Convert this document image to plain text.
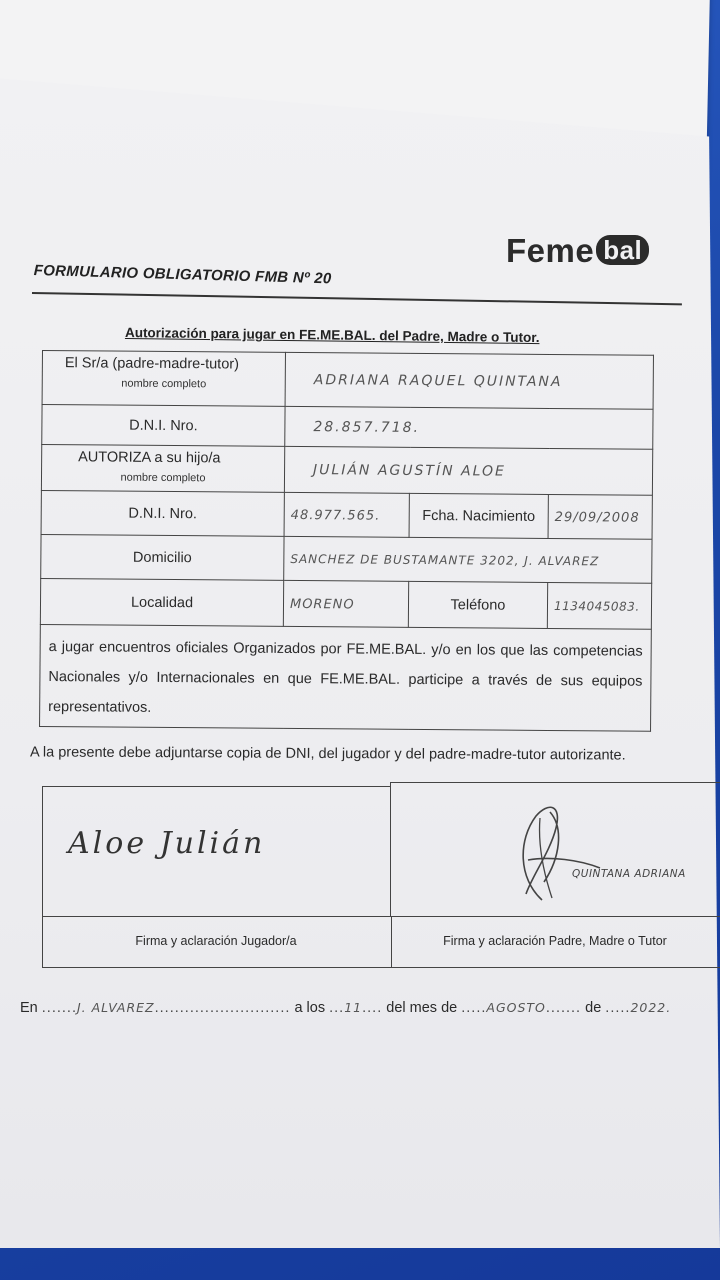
Feme bal
FORMULARIO OBLIGATORIO FMB Nº 20
Autorización para jugar en FE.ME.BAL. del Padre, Madre o Tutor.
El Sr/a (padre-madre-tutor)
nombre completo	ADRIANA RAQUEL QUINTANA		
D.N.I. Nro.	28.857.718.		

AUTORIZA a su hijo/a
nombre completo	JULIÁN AGUSTÍN ALOE		
D.N.I. Nro.	48.977.565.	Fcha. Nacimiento	29/09/2008
Domicilio	SANCHEZ DE BUSTAMANTE 3202, J. ALVAREZ		
Localidad	MORENO	Teléfono	1134045083.

a jugar encuentros oficiales Organizados por FE.ME.BAL. y/o en los que las competencias Nacionales y/o Internacionales en que FE.ME.BAL. participe a través de sus equipos representativos.			
A la presente debe adjuntarse copia de DNI, del jugador y del padre-madre-tutor autorizante.
Aloe Julián
QUINTANA ADRIANA
Firma y aclaración Jugador/a	Firma y aclaración Padre, Madre o Tutor
En .......J. ALVAREZ........................... a los ...11.... del mes de .....AGOSTO....... de .....2022.
